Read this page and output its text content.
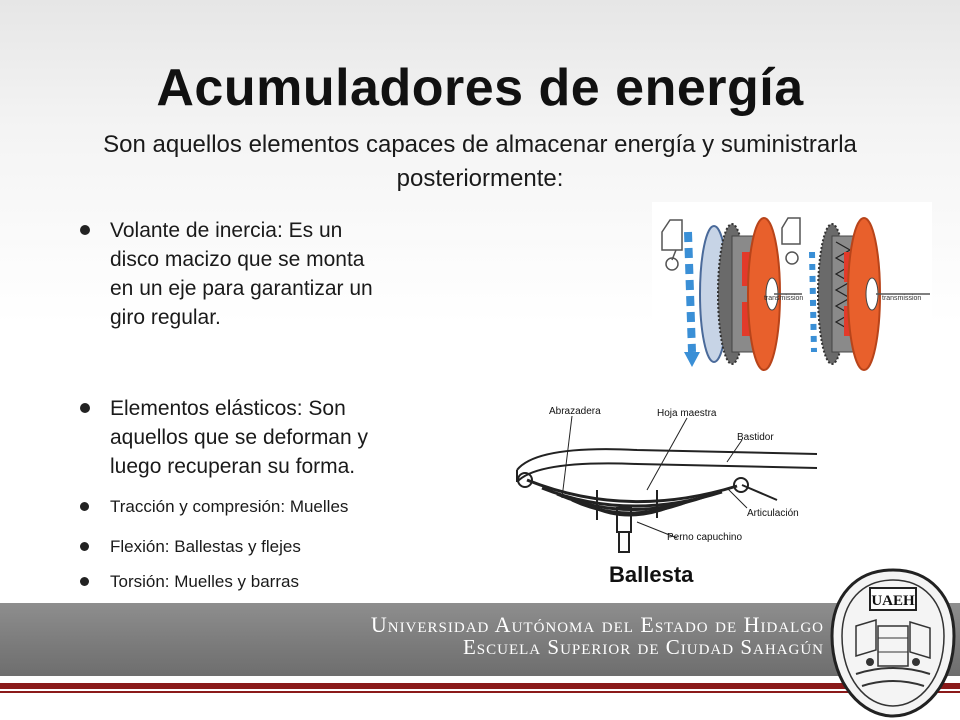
Acumuladores de energía

Son aquellos elementos capaces de almacenar energía y suministrarla posteriormente:

Volante de inercia: Es un
disco macizo que se monta
en un eje para garantizar un
giro regular.
Elementos elásticos: Son
aquellos que se deforman y
luego recuperan su forma.
Tracción y compresión: Muelles
Flexión: Ballestas y flejes
Torsión: Muelles y barras
transmission	transmission
Abrazadera	Hoja maestra
Bastidor
Articulación
Perno capuchino
Ballesta
Universidad Autónoma del Estado de Hidalgo
Escuela Superior de Ciudad Sahagún
UAEH
